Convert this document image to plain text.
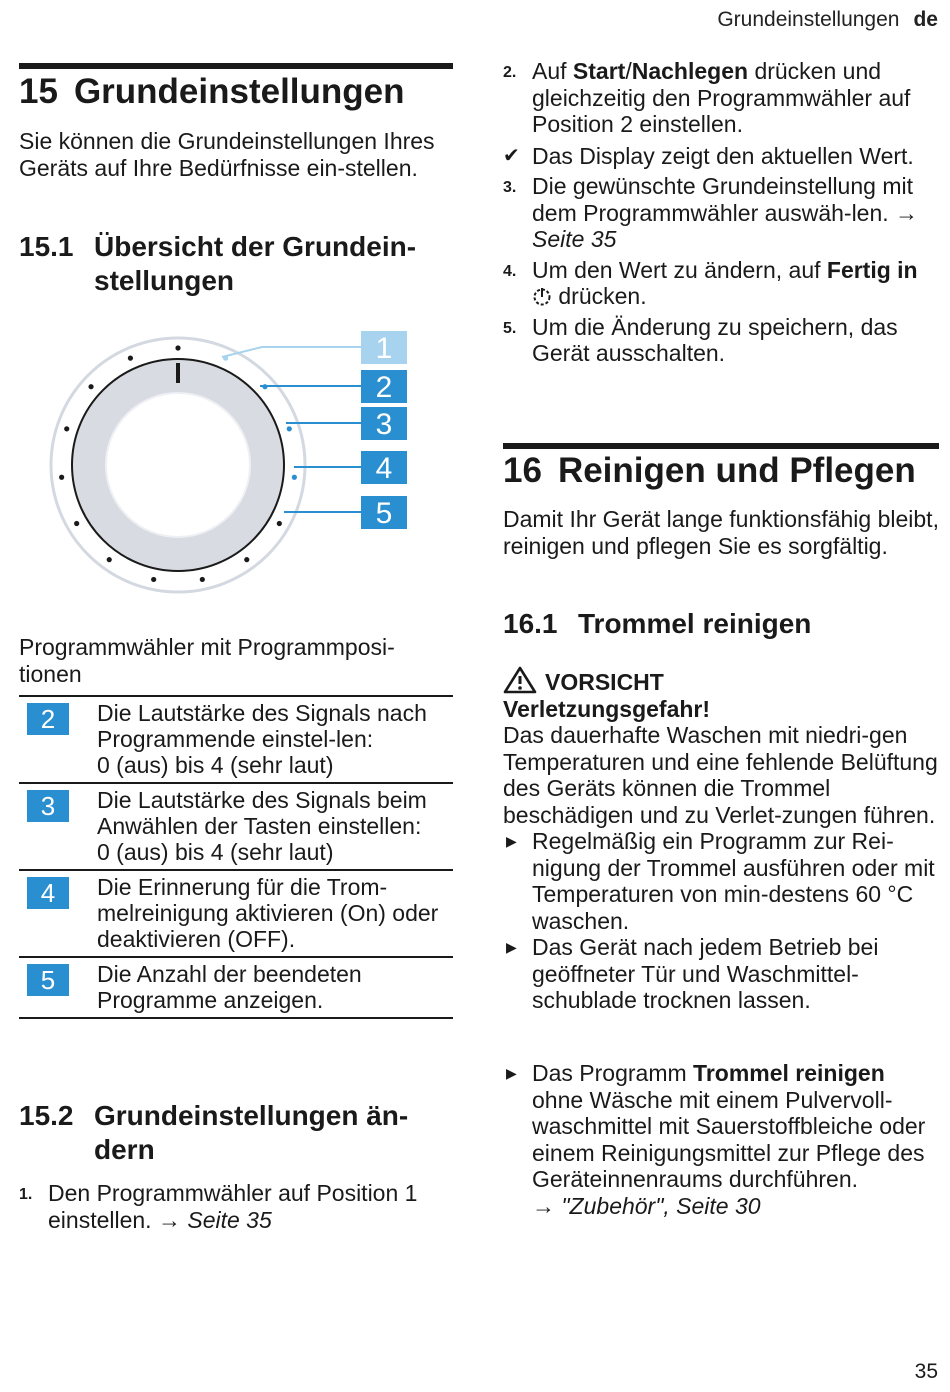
Grundeinstellungen de
15 Grundeinstellungen

Sie können die Grundeinstellungen Ihres Geräts auf Ihre Bedürfnisse ein-stellen.

15.1 Übersicht der Grundein-
stellungen
1
2
3
4
5

Programmwähler mit Programmposi-tionen

2	Die Lautstärke des Signals nach Programmende einstel-len:
0 (aus) bis 4 (sehr laut)
3	Die Lautstärke des Signals beim Anwählen der Tasten einstellen:
0 (aus) bis 4 (sehr laut)
4	Die Erinnerung für die Trom-melreinigung aktivieren (On) oder deaktivieren (OFF).
5	Die Anzahl der beendeten Programme anzeigen.
15.2 Grundeinstellungen än-
dern
1. Den Programmwähler auf Position 1 einstellen. → Seite 35
2. Auf Start/Nachlegen drücken und gleichzeitig den Programmwähler auf Position 2 einstellen.
✔ Das Display zeigt den aktuellen Wert.
3. Die gewünschte Grundeinstellung mit dem Programmwähler auswäh-len. → Seite 35
4. Um den Wert zu ändern, auf Fertig in  drücken.
5. Um die Änderung zu speichern, das Gerät ausschalten.
16 Reinigen und Pflegen

Damit Ihr Gerät lange funktionsfähig bleibt, reinigen und pflegen Sie es sorgfältig.

16.1 Trommel reinigen
VORSICHT
Verletzungsgefahr!

Das dauerhafte Waschen mit niedri-gen Temperaturen und eine fehlende Belüftung des Geräts können die Trommel beschädigen und zu Verlet-zungen führen.

▶ Regelmäßig ein Programm zur Rei-nigung der Trommel ausführen oder mit Temperaturen von min-destens 60 °C waschen.
▶ Das Gerät nach jedem Betrieb bei geöffneter Tür und Waschmittel-schublade trocknen lassen.
▶ Das Programm Trommel reinigen ohne Wäsche mit einem Pulvervoll-waschmittel mit Sauerstoffbleiche oder einem Reinigungsmittel zur Pflege des Geräteinnenraums durchführen.
→ "Zubehör", Seite 30
35
